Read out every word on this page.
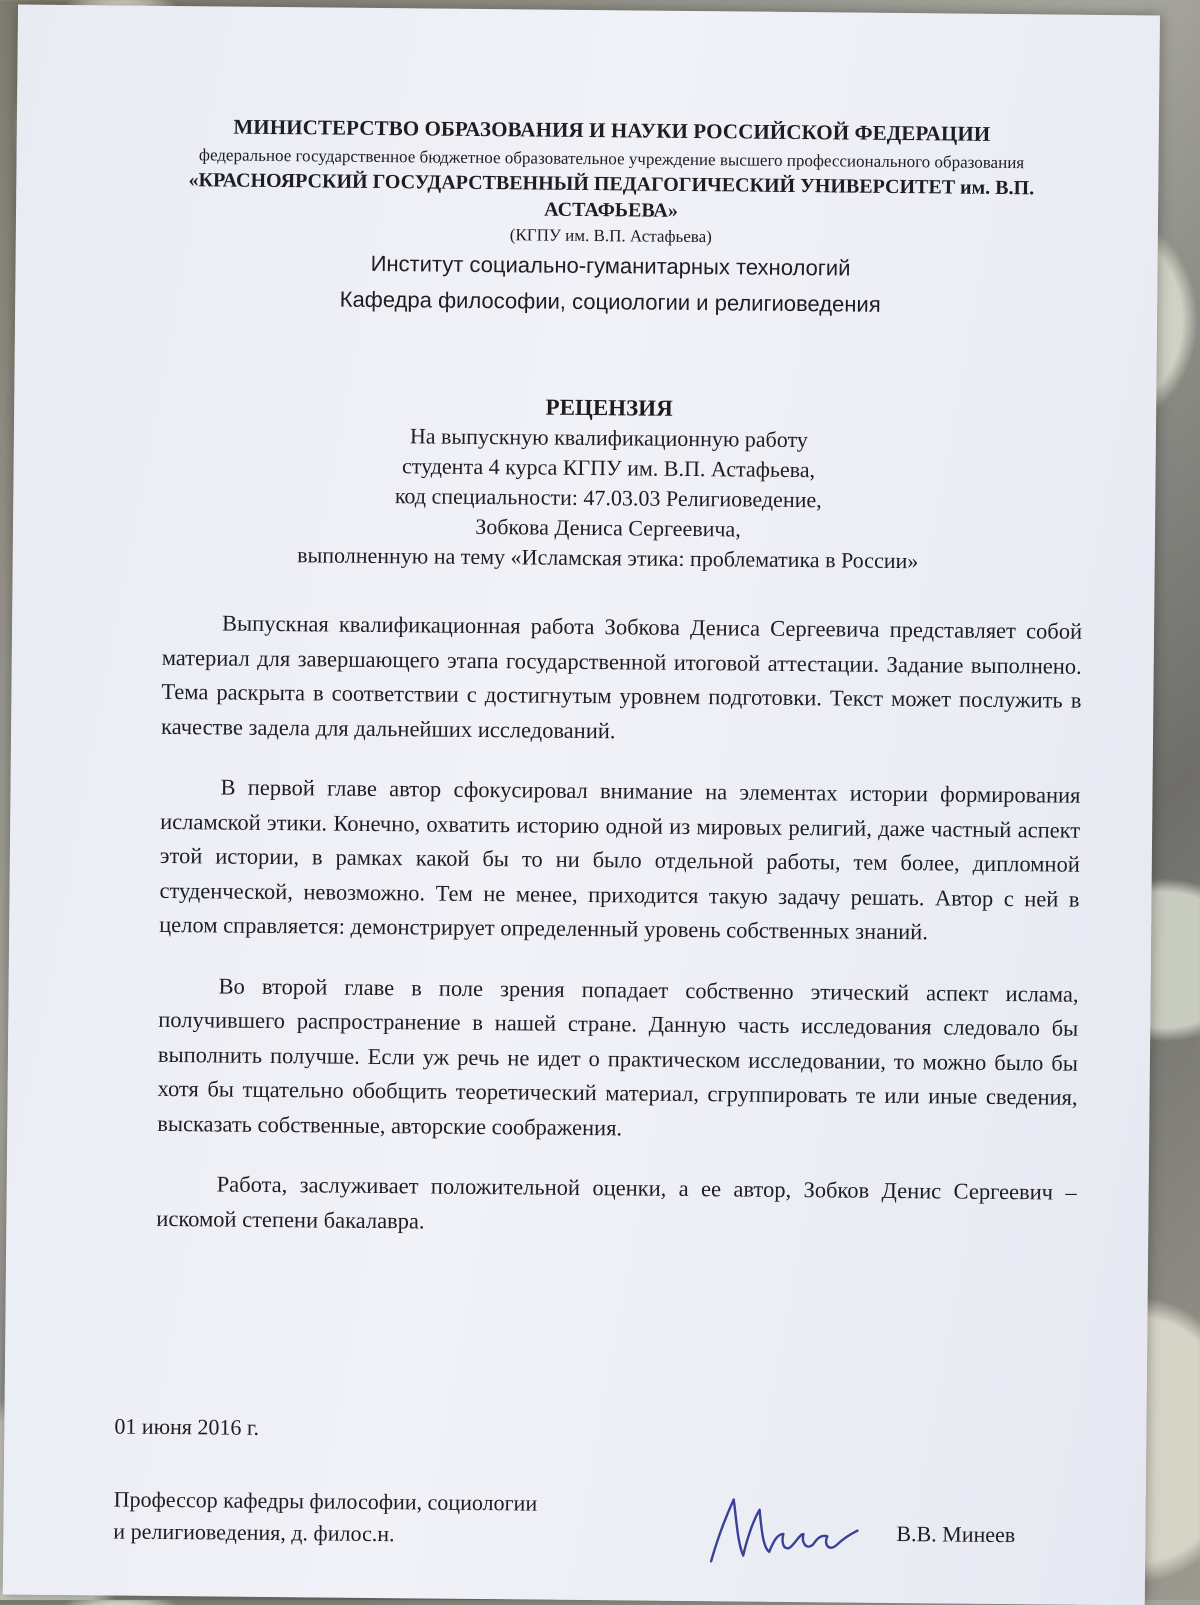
МИНИСТЕРСТВО ОБРАЗОВАНИЯ И НАУКИ РОССИЙСКОЙ ФЕДЕРАЦИИ

федеральное государственное бюджетное образовательное учреждение высшего профессионального образования

«КРАСНОЯРСКИЙ ГОСУДАРСТВЕННЫЙ ПЕДАГОГИЧЕСКИЙ УНИВЕРСИТЕТ им. В.П. АСТАФЬЕВА»

(КГПУ им. В.П. Астафьева)

Институт социально-гуманитарных технологий

Кафедра философии, социологии и религиоведения

РЕЦЕНЗИЯ

На выпускную квалификационную работу

студента 4 курса КГПУ им. В.П. Астафьева,

код специальности: 47.03.03 Религиоведение,

Зобкова Дениса Сергеевича,

выполненную на тему «Исламская этика: проблематика в России»

Выпускная квалификационная работа Зобкова Дениса Сергеевича представляет собой материал для завершающего этапа государственной итоговой аттестации. Задание выполнено. Тема раскрыта в соответствии с достигнутым уровнем подготовки. Текст может послужить в качестве задела для дальнейших исследований.

В первой главе автор сфокусировал внимание на элементах истории формирования исламской этики. Конечно, охватить историю одной из мировых религий, даже частный аспект этой истории, в рамках какой бы то ни было отдельной работы, тем более, дипломной студенческой, невозможно. Тем не менее, приходится такую задачу решать. Автор с ней в целом справляется: демонстрирует определенный уровень собственных знаний.

Во второй главе в поле зрения попадает собственно этический аспект ислама, получившего распространение в нашей стране. Данную часть исследования следовало бы выполнить получше. Если уж речь не идет о практическом исследовании, то можно было бы хотя бы тщательно обобщить теоретический материал, сгруппировать те или иные сведения, высказать собственные, авторские соображения.

Работа, заслуживает положительной оценки, а ее автор, Зобков Денис Сергеевич – искомой степени бакалавра.

01 июня 2016 г.

Профессор кафедры философии, социологии
и религиоведения, д. филос.н.	В.В. Минеев
